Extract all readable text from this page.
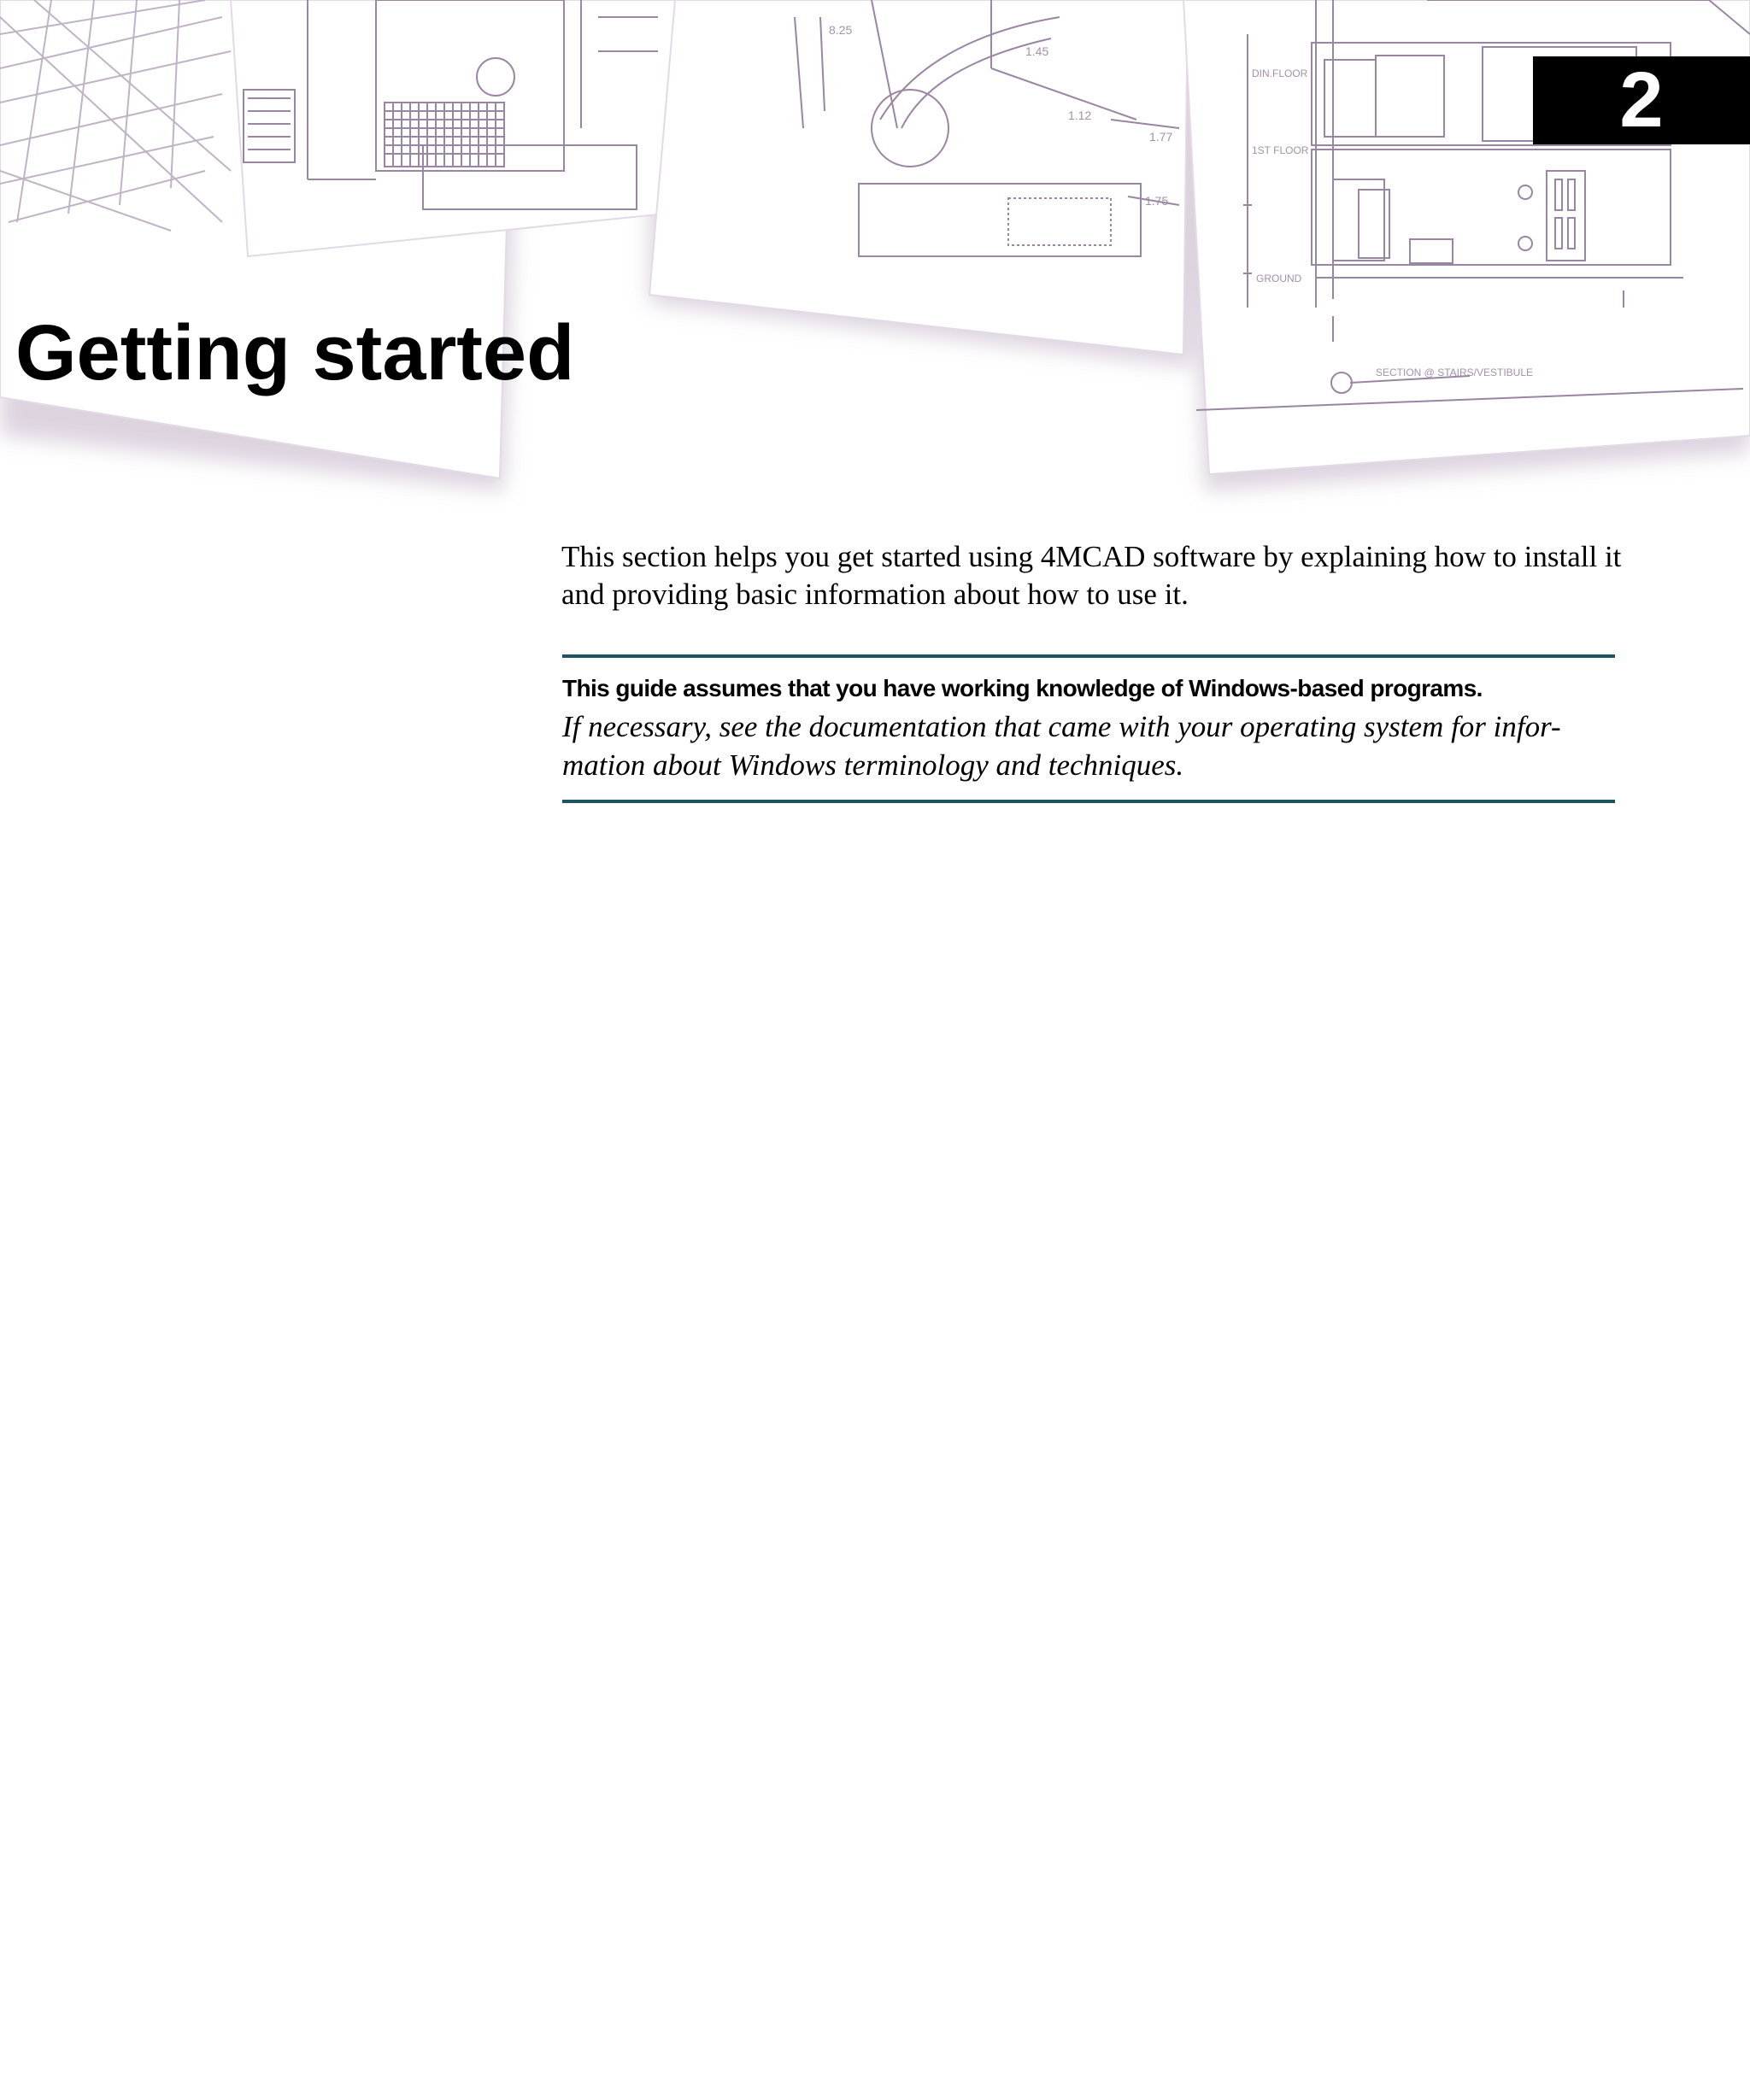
8.25
1.45
1.12
1.77
1.75
DIN.FLOOR
1ST FLOOR
GROUND
SECTION @ STAIRS/VESTIBULE
2
Getting started

This section helps you get started using 4MCAD software by explaining how to install it and providing basic information about how to use it.

This guide assumes that you have working knowledge of Windows-based programs.

If necessary, see the documentation that came with your operating system for infor-mation about Windows terminology and techniques.
